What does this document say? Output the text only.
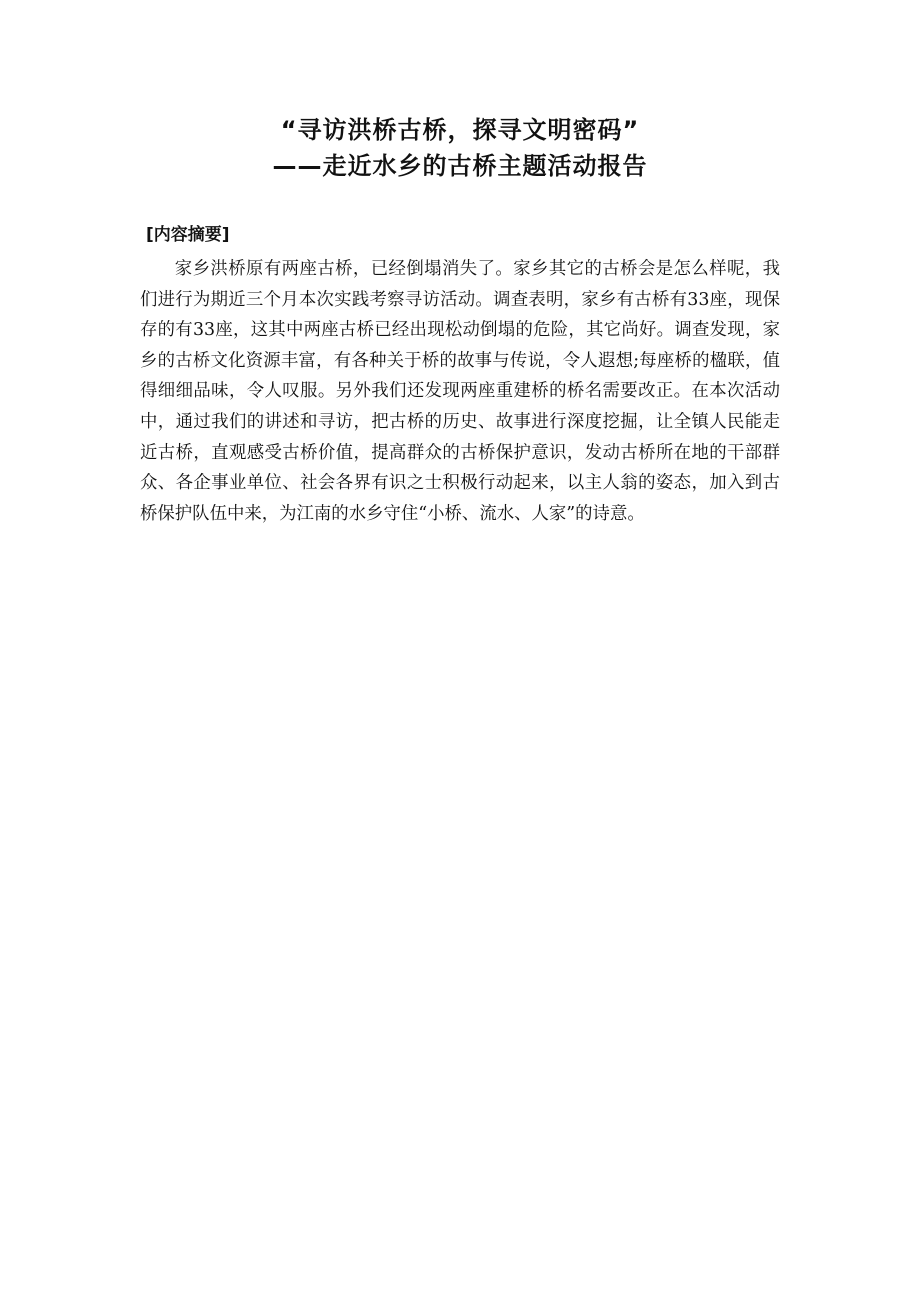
“寻访洪桥古桥，探寻文明密码”
——走近水乡的古桥主题活动报告
[内容摘要]

家乡洪桥原有两座古桥，已经倒塌消失了。家乡其它的古桥会是怎么样呢，我们进行为期近三个月本次实践考察寻访活动。调查表明，家乡有古桥有33座，现保存的有33座，这其中两座古桥已经出现松动倒塌的危险，其它尚好。调查发现，家乡的古桥文化资源丰富，有各种关于桥的故事与传说，令人遐想;每座桥的楹联，值得细细品味，令人叹服。另外我们还发现两座重建桥的桥名需要改正。在本次活动中，通过我们的讲述和寻访，把古桥的历史、故事进行深度挖掘，让全镇人民能走近古桥，直观感受古桥价值，提高群众的古桥保护意识，发动古桥所在地的干部群众、各企事业单位、社会各界有识之士积极行动起来，以主人翁的姿态，加入到古桥保护队伍中来，为江南的水乡守住“小桥、流水、人家”的诗意。
